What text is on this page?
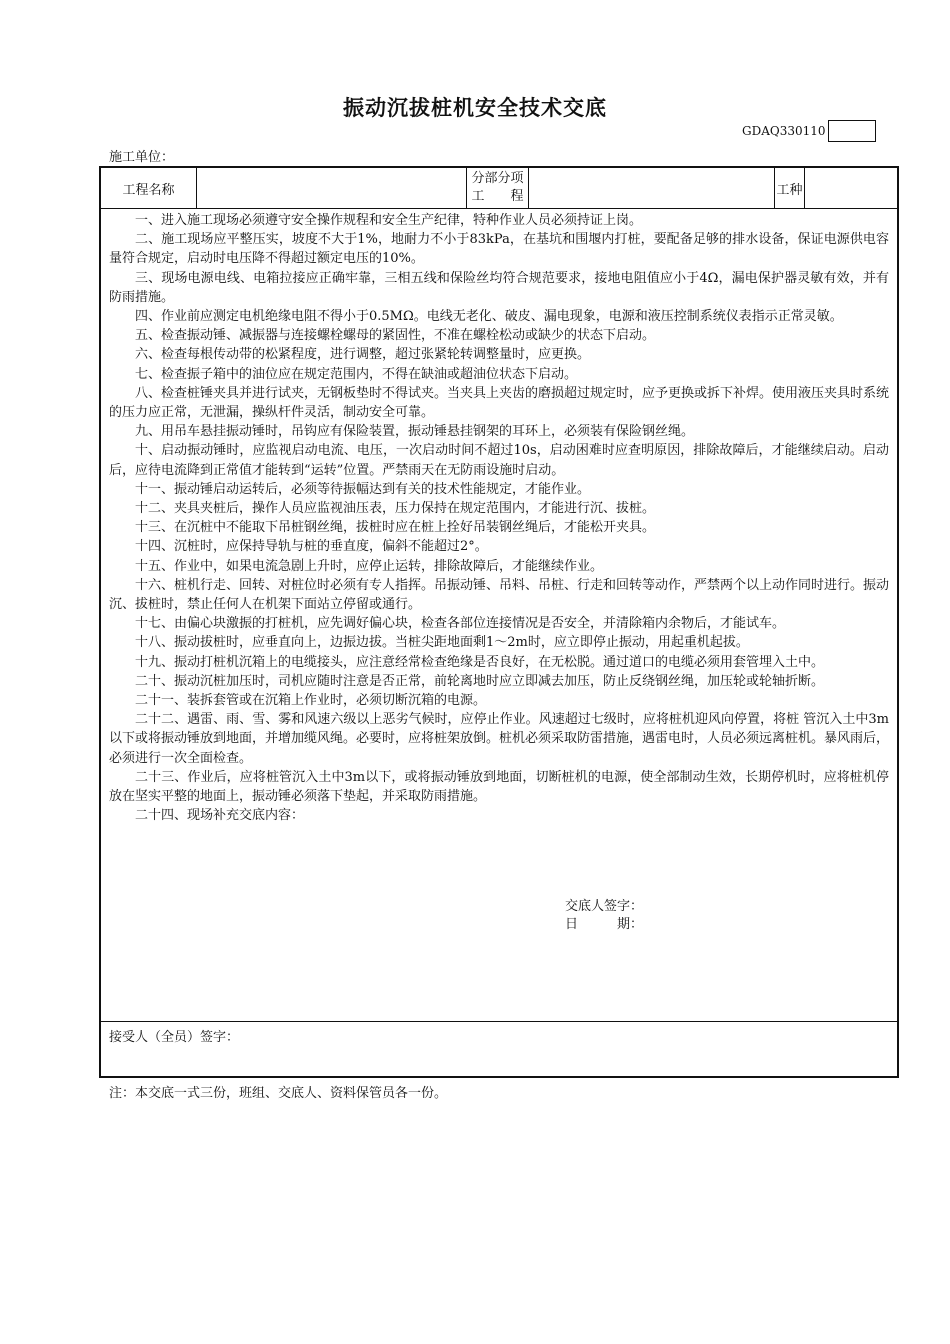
振动沉拔桩机安全技术交底
GDAQ330110
施工单位：
工程名称
分部分项
工　　程	工种

一、进入施工现场必须遵守安全操作规程和安全生产纪律，特种作业人员必须持证上岗。

二、施工现场应平整压实，坡度不大于1%，地耐力不小于83kPa，在基坑和围堰内打桩，要配备足够的排水设备，保证电源供电容量符合规定，启动时电压降不得超过额定电压的10%。

三、现场电源电线、电箱拉接应正确牢靠，三相五线和保险丝均符合规范要求，接地电阻值应小于4Ω，漏电保护器灵敏有效，并有防雨措施。

四、作业前应测定电机绝缘电阻不得小于0.5MΩ。电线无老化、破皮、漏电现象，电源和液压控制系统仪表指示正常灵敏。

五、检查振动锤、减振器与连接螺栓螺母的紧固性，不准在螺栓松动或缺少的状态下启动。

六、检查每根传动带的松紧程度，进行调整，超过张紧轮转调整量时，应更换。

七、检查振子箱中的油位应在规定范围内，不得在缺油或超油位状态下启动。

八、检查桩锤夹具并进行试夹，无钢板垫时不得试夹。当夹具上夹齿的磨损超过规定时，应予更换或拆下补焊。使用液压夹具时系统的压力应正常，无泄漏，操纵杆件灵活，制动安全可靠。

九、用吊车悬挂振动锤时，吊钩应有保险装置，振动锤悬挂钢架的耳环上，必须装有保险钢丝绳。

十、启动振动锤时，应监视启动电流、电压，一次启动时间不超过10s，启动困难时应查明原因，排除故障后，才能继续启动。启动后，应待电流降到正常值才能转到“运转”位置。严禁雨天在无防雨设施时启动。

十一、振动锤启动运转后，必须等待振幅达到有关的技术性能规定，才能作业。

十二、夹具夹桩后，操作人员应监视油压表，压力保持在规定范围内，才能进行沉、拔桩。

十三、在沉桩中不能取下吊桩钢丝绳，拔桩时应在桩上拴好吊装钢丝绳后，才能松开夹具。

十四、沉桩时，应保持导轨与桩的垂直度，偏斜不能超过2°。

十五、作业中，如果电流急剧上升时，应停止运转，排除故障后，才能继续作业。

十六、桩机行走、回转、对桩位时必须有专人指挥。吊振动锤、吊料、吊桩、行走和回转等动作，严禁两个以上动作同时进行。振动沉、拔桩时，禁止任何人在机架下面站立停留或通行。

十七、由偏心块激振的打桩机，应先调好偏心块，检查各部位连接情况是否安全，并清除箱内余物后，才能试车。

十八、振动拔桩时，应垂直向上，边振边拔。当桩尖距地面剩1～2m时，应立即停止振动，用起重机起拔。

十九、振动打桩机沉箱上的电缆接头，应注意经常检查绝缘是否良好，在无松脱。通过道口的电缆必须用套管埋入土中。

二十、振动沉桩加压时，司机应随时注意是否正常，前轮离地时应立即减去加压，防止反绕钢丝绳，加压轮或轮轴折断。

二十一、装拆套管或在沉箱上作业时，必须切断沉箱的电源。

二十二、遇雷、雨、雪、雾和风速六级以上恶劣气候时，应停止作业。风速超过七级时，应将桩机迎风向停置，将桩 管沉入土中3m以下或将振动锤放到地面，并增加缆风绳。必要时，应将桩架放倒。桩机必须采取防雷措施，遇雷电时，人员必须远离桩机。暴风雨后，必须进行一次全面检查。

二十三、作业后，应将桩管沉入土中3m以下，或将振动锤放到地面，切断桩机的电源，使全部制动生效，长期停机时，应将桩机停放在坚实平整的地面上，振动锤必须落下垫起，并采取防雨措施。

二十四、现场补充交底内容：

交底人签字：
日　　　期：
接受人（全员）签字：
注：本交底一式三份，班组、交底人、资料保管员各一份。
